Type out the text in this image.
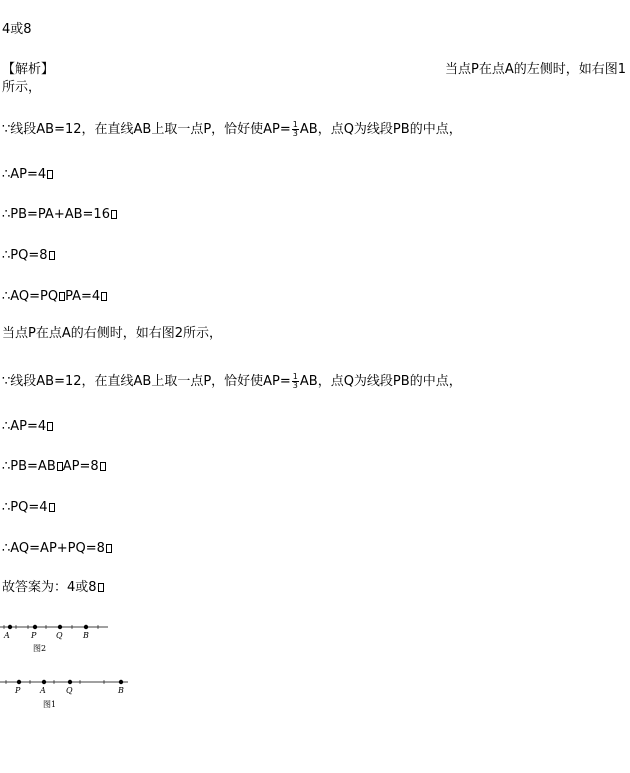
4或8
【解析】	当点P在点A的左侧时，如右图1
所示，
∵线段AB=12，在直线AB上取一点P，恰好使$AP= \frac{1}{3}$ AB，点Q为线段PB的中点，
∴AP=4
∴PB=PA+AB=16
∴PQ=8
∴AQ=PQ PA=4
当点P在点A的右侧时，如右图2所示，
∵线段AB=12，在直线AB上取一点P，恰好使$AP= \frac{1}{3}$ AB，点Q为线段PB的中点，
∴AP=4
∴PB=AB AP=8
∴PQ=4
∴AQ=AP+PQ=8
故答案为：4或8
A	P Q	B
图2
P A	Q	B
图1
